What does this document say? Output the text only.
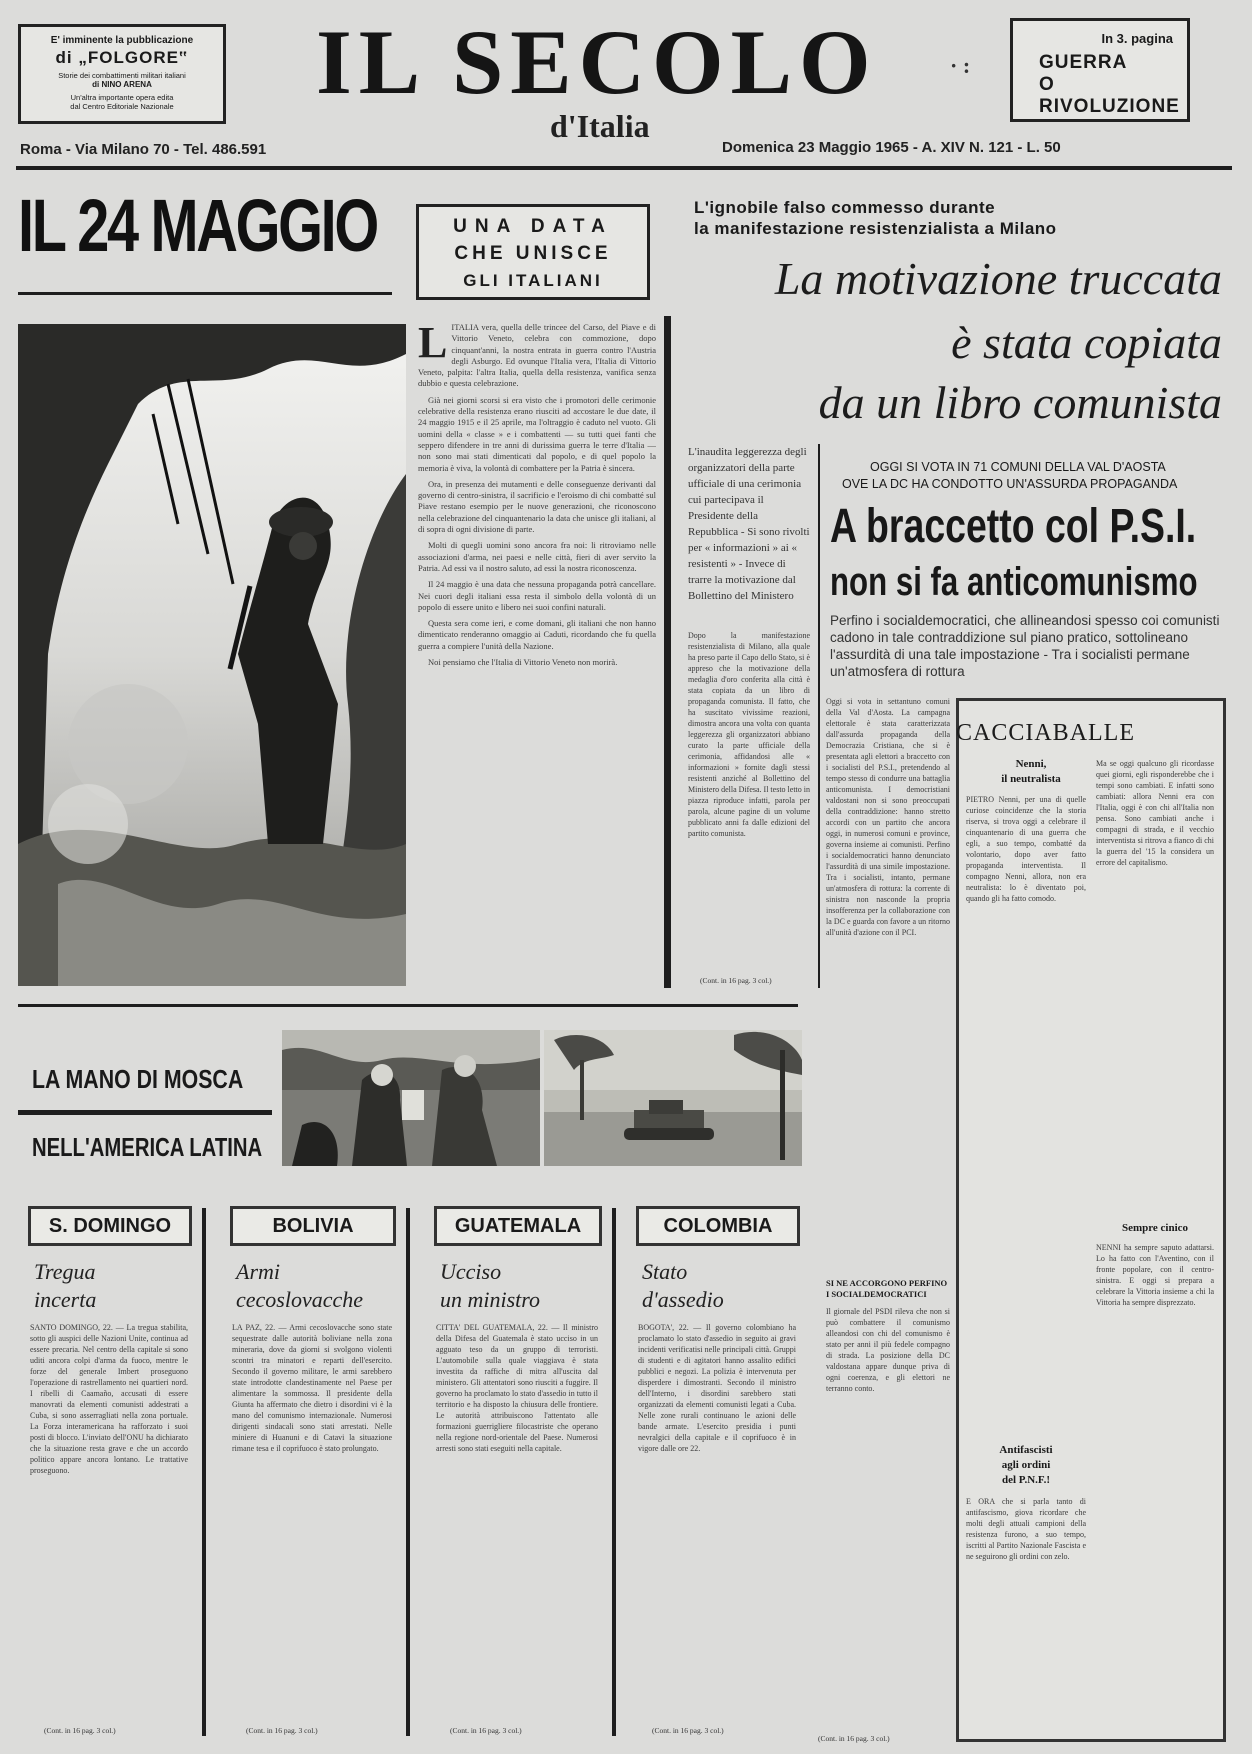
E' imminente la pubblicazione
di „FOLGORE‟
Storie dei combattimenti militari italiani
di NINO ARENA
Un'altra importante opera edita
dal Centro Editoriale Nazionale	IL SECOLO	· :
d'Italia
In 3. pagina
GUERRA
O RIVOLUZIONE
Roma - Via Milano 70 - Tel. 486.591	Domenica 23 Maggio 1965 - A. XIV N. 121 - L. 50
IL 24 MAGGIO	UNA DATA
CHE UNISCE
GLI ITALIANI
L ITALIA vera, quella delle trincee del Carso, del Piave e di Vittorio Veneto, celebra con commozione, dopo cinquant'anni, la nostra entrata in guerra contro l'Austria degli Asburgo. Ed ovunque l'Italia vera, l'Italia di Vittorio Veneto, palpita: l'altra Italia, quella della resistenza, vanifica senza dubbio e questa celebrazione.

Già nei giorni scorsi si era visto che i promotori delle cerimonie celebrative della resistenza erano riusciti ad accostare le due date, il 24 maggio 1915 e il 25 aprile, ma l'oltraggio è caduto nel vuoto. Gli uomini della « classe » e i combattenti — su tutti quei fanti che seppero difendere in tre anni di durissima guerra le terre d'Italia — non sono mai stati dimenticati dal popolo, e di quel popolo la memoria è viva, la volontà di combattere per la Patria è sincera.

Ora, in presenza dei mutamenti e delle conseguenze derivanti dal governo di centro-sinistra, il sacrificio e l'eroismo di chi combatté sul Piave restano esempio per le nuove generazioni, che riconoscono nella celebrazione del cinquantenario la data che unisce gli italiani, al di sopra di ogni divisione di parte.

Molti di quegli uomini sono ancora fra noi: li ritroviamo nelle associazioni d'arma, nei paesi e nelle città, fieri di aver servito la Patria. Ad essi va il nostro saluto, ad essi la nostra riconoscenza.

Il 24 maggio è una data che nessuna propaganda potrà cancellare. Nei cuori degli italiani essa resta il simbolo della volontà di un popolo di essere unito e libero nei suoi confini naturali.

Questa sera come ieri, e come domani, gli italiani che non hanno dimenticato renderanno omaggio ai Caduti, ricordando che fu quella guerra a compiere l'unità della Nazione.

Noi pensiamo che l'Italia di Vittorio Veneto non morirà.

L'ignobile falso commesso durante
la manifestazione resistenzialista a Milano
La motivazione truccata
è stata copiata
da un libro comunista
L'inaudita leggerezza degli organizzatori della parte ufficiale di una cerimonia cui partecipava il Presidente della Repubblica - Si sono rivolti per « informazioni » ai « resistenti » - Invece di trarre la motivazione dal Bollettino del Ministero
Dopo la manifestazione resistenzialista di Milano, alla quale ha preso parte il Capo dello Stato, si è appreso che la motivazione della medaglia d'oro conferita alla città è stata copiata da un libro di propaganda comunista. Il fatto, che ha suscitato vivissime reazioni, dimostra ancora una volta con quanta leggerezza gli organizzatori abbiano curato la parte ufficiale della cerimonia, affidandosi alle « informazioni » fornite dagli stessi resistenti anziché al Bollettino del Ministero della Difesa. Il testo letto in piazza riproduce infatti, parola per parola, alcune pagine di un volume pubblicato anni fa dalle edizioni del partito comunista.
(Cont. in 16 pag. 3 col.)
OGGI SI VOTA IN 71 COMUNI DELLA VAL D'AOSTA
OVE LA DC HA CONDOTTO UN'ASSURDA PROPAGANDA
A braccetto col P.S.I.
non si fa anticomunismo
Perfino i socialdemocratici, che allineandosi spesso coi comunisti cadono in tale contraddizione sul piano pratico, sottolineano l'assurdità di una tale impostazione - Tra i socialisti permane un'atmosfera di rottura
Oggi si vota in settantuno comuni della Val d'Aosta. La campagna elettorale è stata caratterizzata dall'assurda propaganda della Democrazia Cristiana, che si è presentata agli elettori a braccetto con i socialisti del P.S.I., pretendendo al tempo stesso di condurre una battaglia anticomunista. I democristiani valdostani non si sono preoccupati della contraddizione: hanno stretto accordi con un partito che ancora oggi, in numerosi comuni e province, governa insieme ai comunisti. Perfino i socialdemocratici hanno denunciato l'assurdità di una simile impostazione. Tra i socialisti, intanto, permane un'atmosfera di rottura: la corrente di sinistra non nasconde la propria insofferenza per la collaborazione con la DC e guarda con favore a un ritorno all'unità d'azione con il PCI.
SI NE ACCORGONO PERFINO I SOCIALDEMOCRATICI
Il giornale del PSDI rileva che non si può combattere il comunismo alleandosi con chi del comunismo è stato per anni il più fedele compagno di strada. La posizione della DC valdostana appare dunque priva di ogni coerenza, e gli elettori ne terranno conto.
(Cont. in 16 pag. 3 col.)
CACCIABALLE
Nenni,
il neutralista
PIETRO Nenni, per una di quelle curiose coincidenze che la storia riserva, si trova oggi a celebrare il cinquantenario di una guerra che egli, a suo tempo, combatté da volontario, dopo aver fatto propaganda interventista. Il compagno Nenni, allora, non era neutralista: lo è diventato poi, quando gli ha fatto comodo.
Ma se oggi qualcuno gli ricordasse quei giorni, egli risponderebbe che i tempi sono cambiati. E infatti sono cambiati: allora Nenni era con l'Italia, oggi è con chi all'Italia non pensa. Sono cambiati anche i compagni di strada, e il vecchio interventista si ritrova a fianco di chi la guerra del '15 la considera un errore del capitalismo.
Sempre cinico
NENNI ha sempre saputo adattarsi. Lo ha fatto con l'Aventino, con il fronte popolare, con il centro-sinistra. E oggi si prepara a celebrare la Vittoria insieme a chi la Vittoria ha sempre disprezzato.
Antifascisti
agli ordini
del P.N.F.!
E ORA che si parla tanto di antifascismo, giova ricordare che molti degli attuali campioni della resistenza furono, a suo tempo, iscritti al Partito Nazionale Fascista e ne seguirono gli ordini con zelo.
LA MANO DI MOSCA
NELL'AMERICA LATINA
S. DOMINGO
Tregua
incerta
SANTO DOMINGO, 22. — La tregua stabilita, sotto gli auspici delle Nazioni Unite, continua ad essere precaria. Nel centro della capitale si sono uditi ancora colpi d'arma da fuoco, mentre le forze del generale Imbert proseguono l'operazione di rastrellamento nei quartieri nord. I ribelli di Caamaño, accusati di essere manovrati da elementi comunisti addestrati a Cuba, si sono asserragliati nella zona portuale. La Forza interamericana ha rafforzato i suoi posti di blocco. L'inviato dell'ONU ha dichiarato che la situazione resta grave e che un accordo politico appare ancora lontano. Le trattative proseguono.
(Cont. in 16 pag. 3 col.)
BOLIVIA
Armi
cecoslovacche
LA PAZ, 22. — Armi cecoslovacche sono state sequestrate dalle autorità boliviane nella zona mineraria, dove da giorni si svolgono violenti scontri tra minatori e reparti dell'esercito. Secondo il governo militare, le armi sarebbero state introdotte clandestinamente nel Paese per alimentare la sommossa. Il presidente della Giunta ha affermato che dietro i disordini vi è la mano del comunismo internazionale. Numerosi dirigenti sindacali sono stati arrestati. Nelle miniere di Huanuni e di Catavi la situazione rimane tesa e il coprifuoco è stato prolungato.
(Cont. in 16 pag. 3 col.)
GUATEMALA
Ucciso
un ministro
CITTA' DEL GUATEMALA, 22. — Il ministro della Difesa del Guatemala è stato ucciso in un agguato teso da un gruppo di terroristi. L'automobile sulla quale viaggiava è stata investita da raffiche di mitra all'uscita dal ministero. Gli attentatori sono riusciti a fuggire. Il governo ha proclamato lo stato d'assedio in tutto il territorio e ha disposto la chiusura delle frontiere. Le autorità attribuiscono l'attentato alle formazioni guerrigliere filocastriste che operano nella regione nord-orientale del Paese. Numerosi arresti sono stati eseguiti nella capitale.
(Cont. in 16 pag. 3 col.)
COLOMBIA
Stato
d'assedio
BOGOTA', 22. — Il governo colombiano ha proclamato lo stato d'assedio in seguito ai gravi incidenti verificatisi nelle principali città. Gruppi di studenti e di agitatori hanno assalito edifici pubblici e negozi. La polizia è intervenuta per disperdere i dimostranti. Secondo il ministro dell'Interno, i disordini sarebbero stati organizzati da elementi comunisti legati a Cuba. Nelle zone rurali continuano le azioni delle bande armate. L'esercito presidia i punti nevralgici della capitale e il coprifuoco è in vigore dalle ore 22.
(Cont. in 16 pag. 3 col.)
